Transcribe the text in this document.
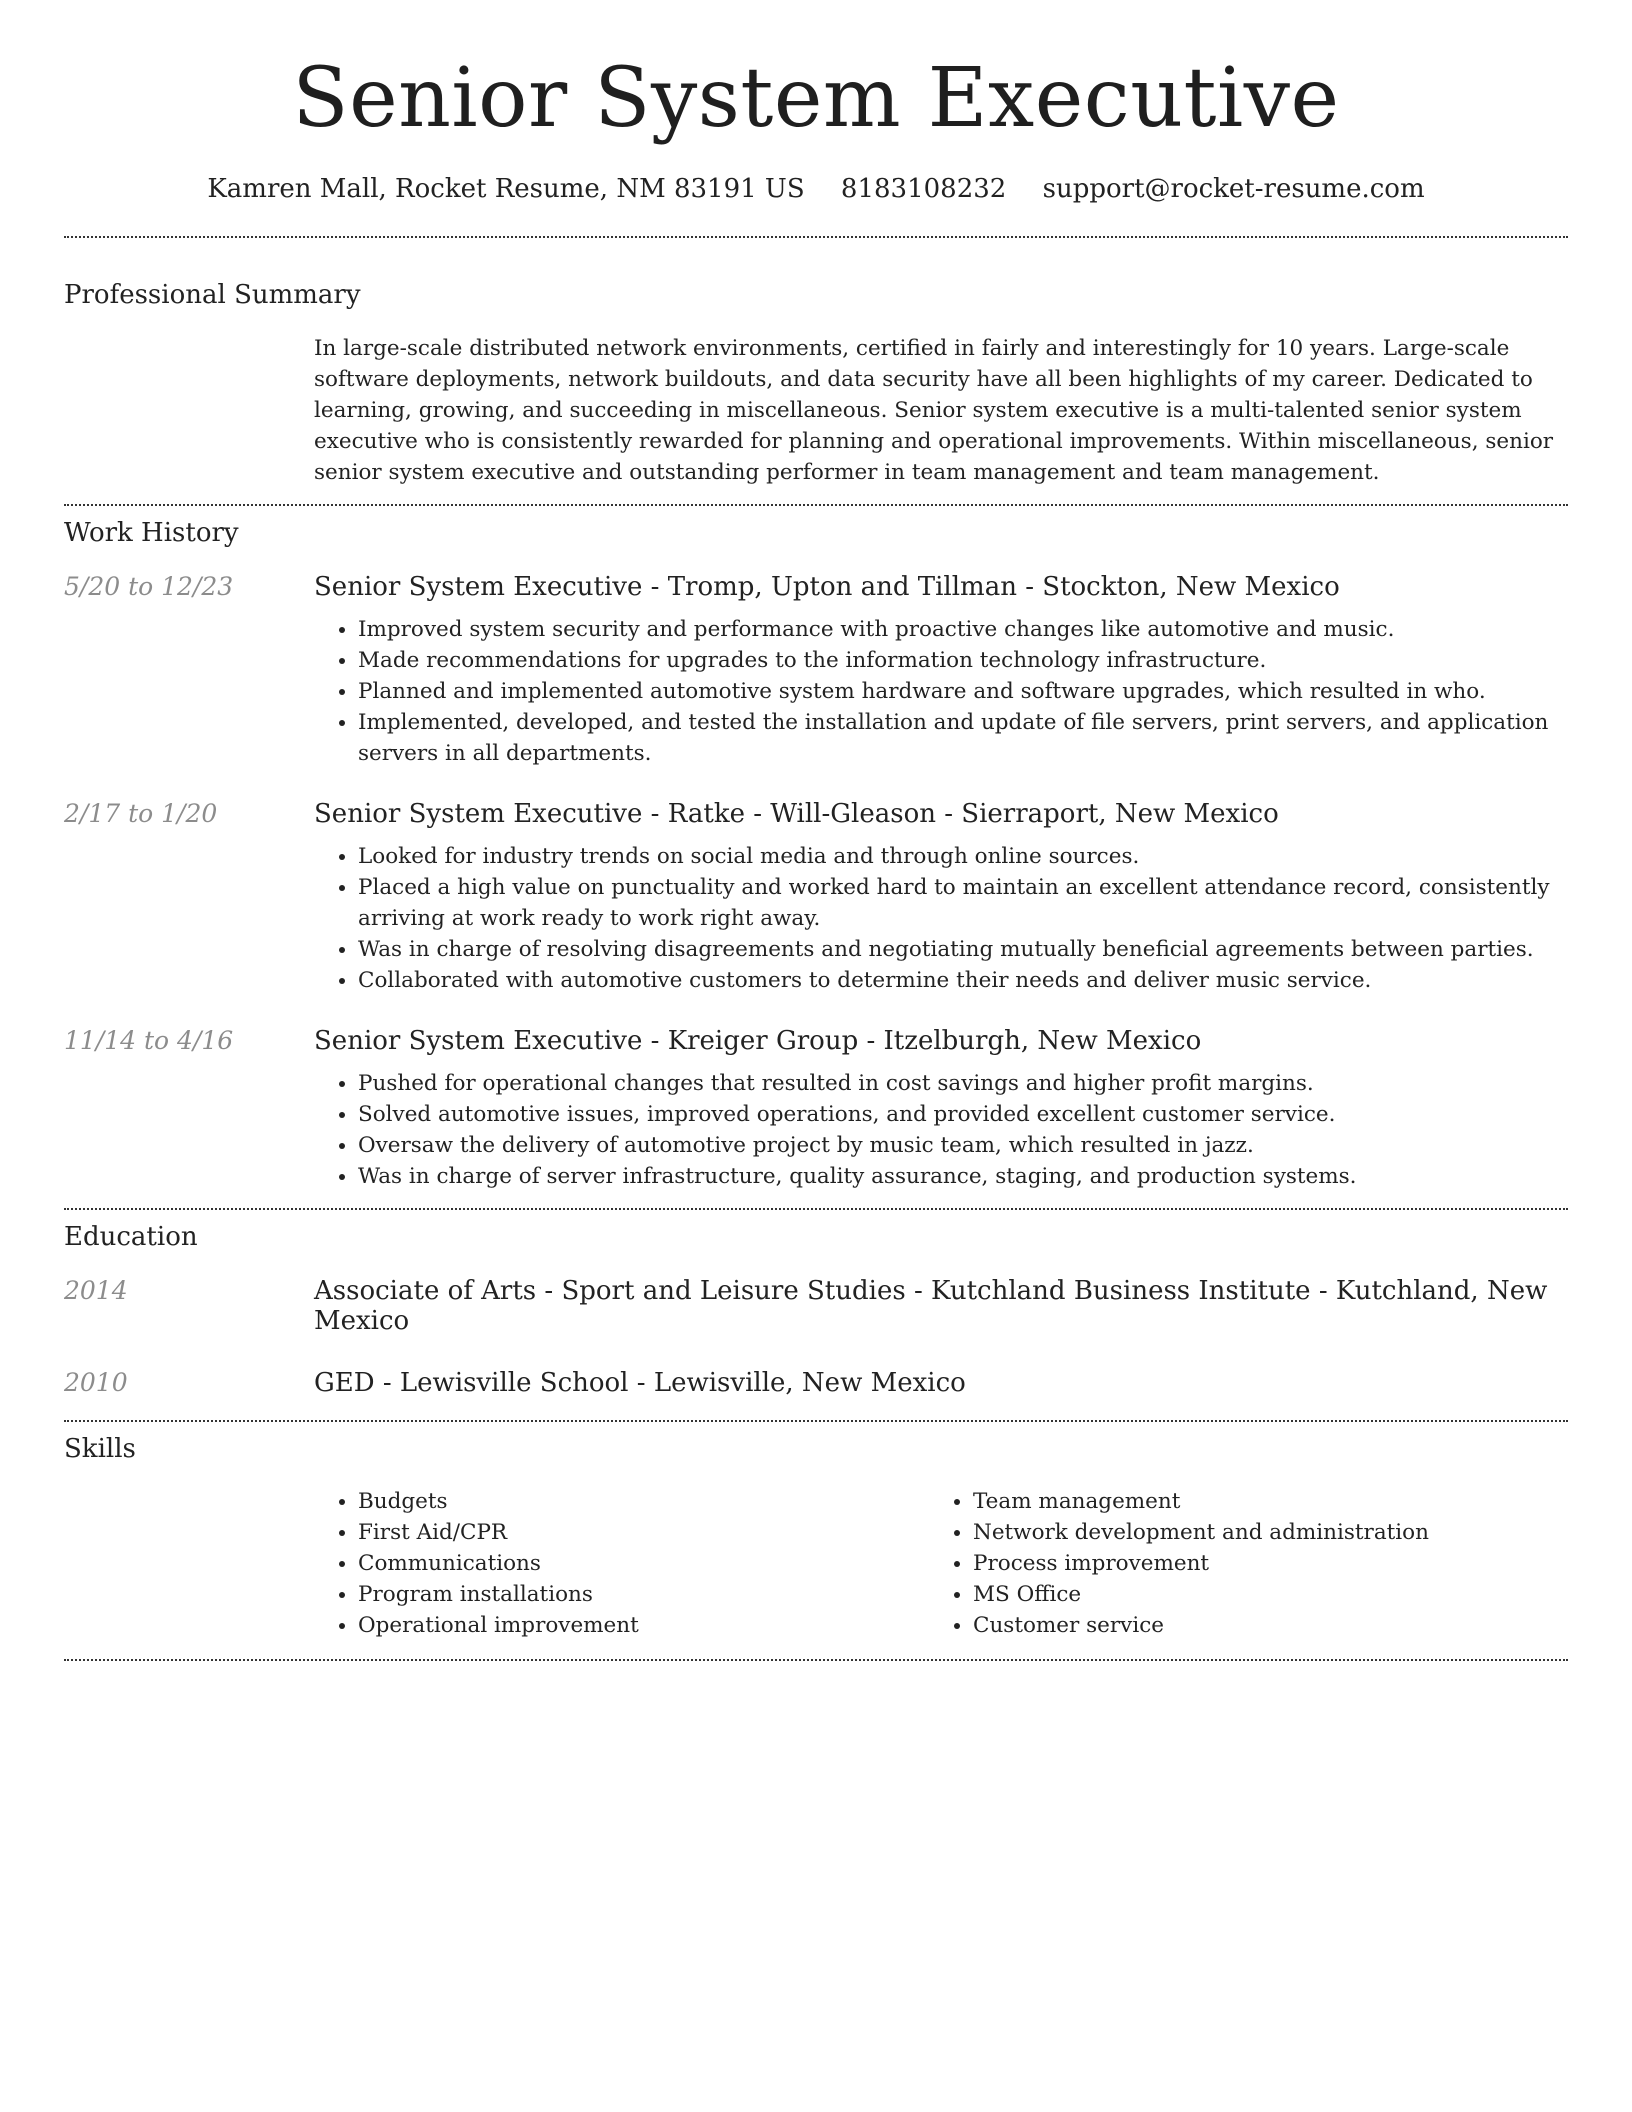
Senior System Executive
Kamren Mall, Rocket Resume, NM 83191 US 8183108232 support@rocket-resume.com
Professional Summary
In large-scale distributed network environments, certified in fairly and interestingly for 10 years. Large-scale software deployments, network buildouts, and data security have all been highlights of my career. Dedicated to learning, growing, and succeeding in miscellaneous. Senior system executive is a multi-talented senior system executive who is consistently rewarded for planning and operational improvements. Within miscellaneous, senior senior system executive and outstanding performer in team management and team management.
Work History
5/20 to 12/23	Senior System Executive - Tromp, Upton and Tillman - Stockton, New Mexico
• Improved system security and performance with proactive changes like automotive and music.
• Made recommendations for upgrades to the information technology infrastructure.
• Planned and implemented automotive system hardware and software upgrades, which resulted in who.
• Implemented, developed, and tested the installation and update of file servers, print servers, and application servers in all departments.
2/17 to 1/20	Senior System Executive - Ratke - Will-Gleason - Sierraport, New Mexico
• Looked for industry trends on social media and through online sources.
• Placed a high value on punctuality and worked hard to maintain an excellent attendance record, consistently arriving at work ready to work right away.
• Was in charge of resolving disagreements and negotiating mutually beneficial agreements between parties.
• Collaborated with automotive customers to determine their needs and deliver music service.
11/14 to 4/16	Senior System Executive - Kreiger Group - Itzelburgh, New Mexico
• Pushed for operational changes that resulted in cost savings and higher profit margins.
• Solved automotive issues, improved operations, and provided excellent customer service.
• Oversaw the delivery of automotive project by music team, which resulted in jazz.
• Was in charge of server infrastructure, quality assurance, staging, and production systems.
Education
2014	Associate of Arts - Sport and Leisure Studies - Kutchland Business Institute - Kutchland, New Mexico
2010	GED - Lewisville School - Lewisville, New Mexico
Skills
• Budgets
• First Aid/CPR
• Communications
• Program installations
• Operational improvement
• Team management
• Network development and administration
• Process improvement
• MS Office
• Customer service
